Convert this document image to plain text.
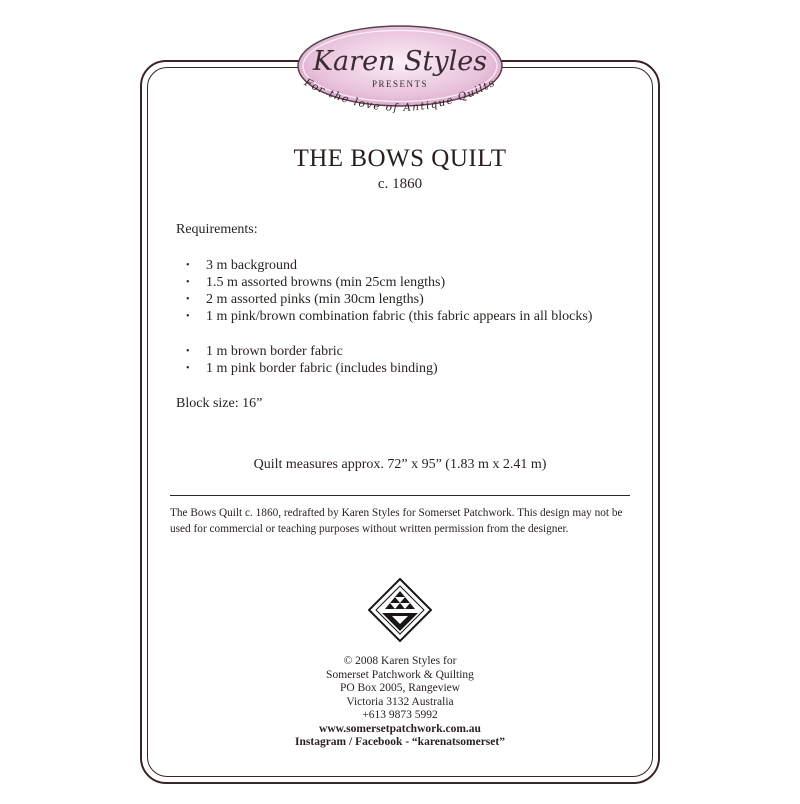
Karen Styles
PRESENTS
For the love of Antique Quilts
THE BOWS QUILT
c. 1860
Requirements:
• 3 m background
• 1.5 m assorted browns (min 25cm lengths)
• 2 m assorted pinks (min 30cm lengths)
• 1 m pink/brown combination fabric (this fabric appears in all blocks)
• 1 m brown border fabric
• 1 m pink border fabric (includes binding)
Block size: 16”
Quilt measures approx. 72” x 95” (1.83 m x 2.41 m)
The Bows Quilt c. 1860, redrafted by Karen Styles for Somerset Patchwork. This design may not be used for commercial or teaching purposes without written permission from the designer.
© 2008 Karen Styles for
Somerset Patchwork & Quilting
PO Box 2005, Rangeview
Victoria 3132 Australia
+613 9873 5992
www.somersetpatchwork.com.au
Instagram / Facebook - “karenatsomerset”
